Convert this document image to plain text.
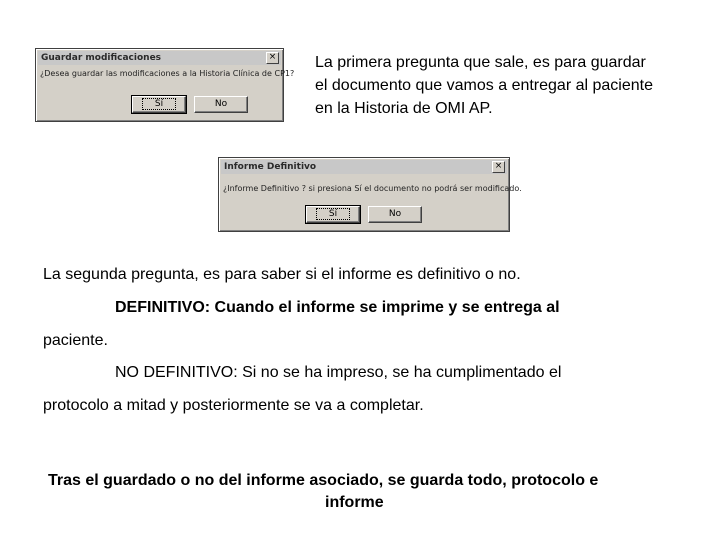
Guardar modificaciones	×
¿Desea guardar las modificaciones a la Historia Clínica de CP1?
Sí	No
Informe Definitivo	×
¿Informe Definitivo ? si presiona Sí el documento no podrá ser modificado.
Sí	No
La primera pregunta que sale, es para guardar
el documento que vamos a entregar al paciente
en la Historia de OMI AP.
La segunda pregunta, es para saber si el informe es definitivo o no.
DEFINITIVO: Cuando el informe se imprime y se entrega al
paciente.
NO DEFINITIVO: Si no se ha impreso, se ha cumplimentado el
protocolo a mitad y posteriormente se va a completar.
Tras el guardado o no del informe asociado, se guarda todo, protocolo e
informe
